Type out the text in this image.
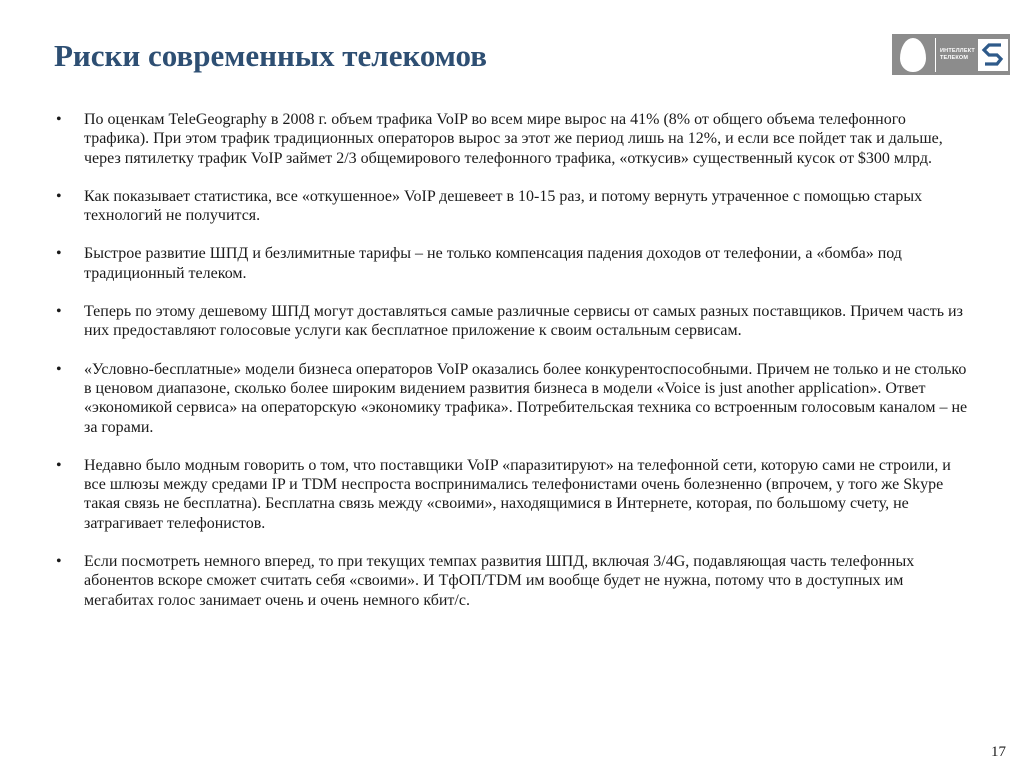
Риски современных телекомов	ИНТЕЛЛЕКТ
ТЕЛЕКОМ
• По оценкам TeleGeography в 2008 г. объем трафика VoIP во всем мире вырос на 41% (8% от общего объема телефонного трафика). При этом трафик традиционных операторов вырос за этот же период лишь на 12%, и если все пойдет так и дальше, через пятилетку трафик VoIP займет 2/3 общемирового телефонного трафика, «откусив» существенный кусок от $300 млрд.
• Как показывает статистика, все «откушенное» VoIP дешевеет в 10-15 раз, и потому вернуть утраченное с помощью старых технологий не получится.
• Быстрое развитие ШПД и безлимитные тарифы – не только компенсация падения доходов от телефонии, а «бомба» под традиционный телеком.
• Теперь по этому дешевому ШПД могут доставляться самые различные сервисы от самых разных поставщиков. Причем часть из них предоставляют голосовые услуги как бесплатное приложение к своим остальным сервисам.
• «Условно-бесплатные» модели бизнеса операторов VoIP оказались более конкурентоспособными. Причем не только и не столько в ценовом диапазоне, сколько более широким видением развития бизнеса в модели «Voice is just another application». Ответ «экономикой сервиса» на операторскую «экономику трафика». Потребительская техника со встроенным голосовым каналом – не за горами.
• Недавно было модным говорить о том, что поставщики VoIP «паразитируют» на телефонной сети, которую сами не строили, и все шлюзы между средами IP и TDM неспроста воспринимались телефонистами очень болезненно (впрочем, у того же Skype такая связь не бесплатна). Бесплатна связь между «своими», находящимися в Интернете, которая, по большому счету, не затрагивает телефонистов.
• Если посмотреть немного вперед, то при текущих темпах развития ШПД, включая 3/4G, подавляющая часть телефонных абонентов вскоре сможет считать себя «своими». И ТфОП/TDM им вообще будет не нужна, потому что в доступных им мегабитах голос занимает очень и очень немного кбит/с.
17
